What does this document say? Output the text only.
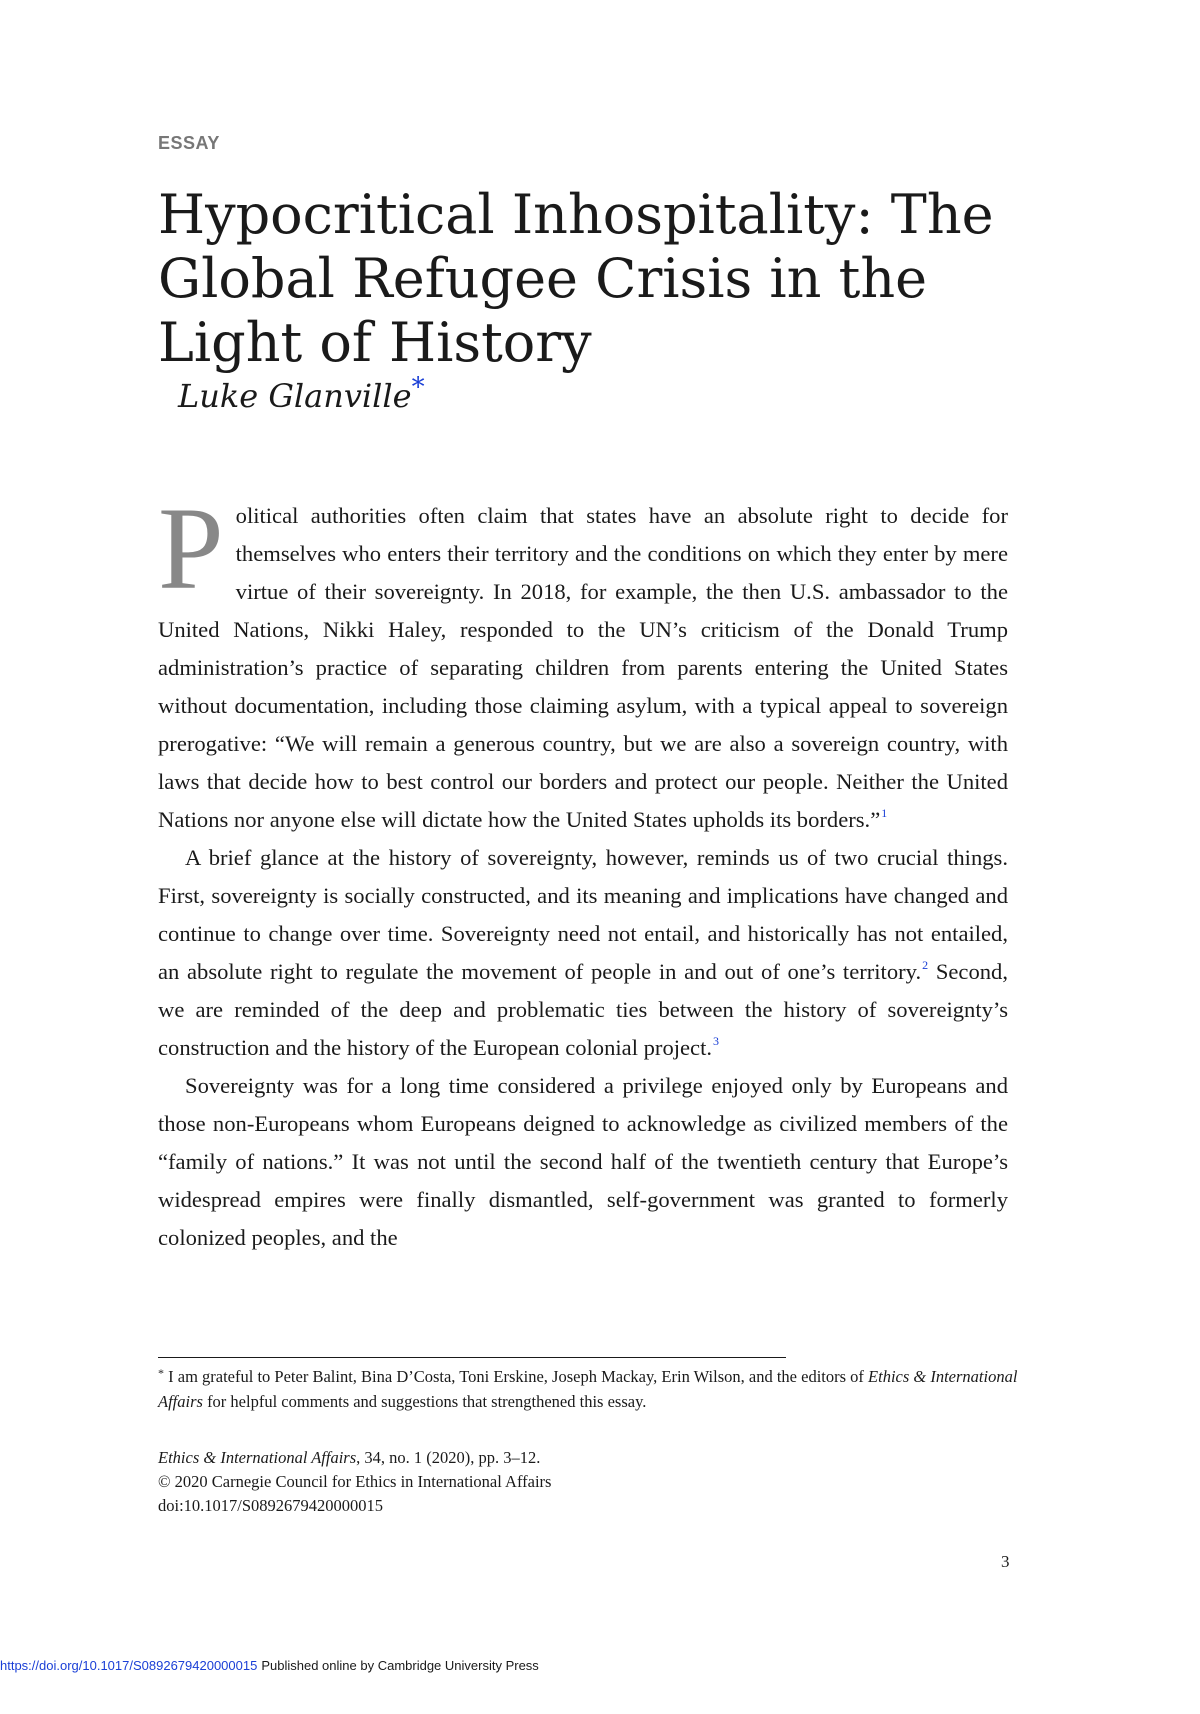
ESSAY
Hypocritical Inhospitality: The Global Refugee Crisis in the Light of History
Luke Glanville*

Political authorities often claim that states have an absolute right to decide for themselves who enters their territory and the conditions on which they enter by mere virtue of their sovereignty. In 2018, for example, the then U.S. ambassador to the United Nations, Nikki Haley, responded to the UN’s criticism of the Donald Trump administration’s practice of separating children from parents entering the United States without documentation, including those claiming asylum, with a typical appeal to sovereign prerogative: “We will remain a generous country, but we are also a sovereign country, with laws that decide how to best control our borders and protect our people. Neither the United Nations nor anyone else will dictate how the United States upholds its borders.”$^1$

A brief glance at the history of sovereignty, however, reminds us of two crucial things. First, sovereignty is socially constructed, and its meaning and implications have changed and continue to change over time. Sovereignty need not entail, and historically has not entailed, an absolute right to regulate the movement of people in and out of one’s territory.$^2$ Second, we are reminded of the deep and problematic ties between the history of sovereignty’s construction and the history of the European colonial project.$^3$

Sovereignty was for a long time considered a privilege enjoyed only by Europeans and those non-Europeans whom Europeans deigned to acknowledge as civilized members of the “family of nations.” It was not until the second half of the twentieth century that Europe’s widespread empires were finally dismantled, self-government was granted to formerly colonized peoples, and the

* I am grateful to Peter Balint, Bina D’Costa, Toni Erskine, Joseph Mackay, Erin Wilson, and the editors of Ethics & International Affairs for helpful comments and suggestions that strengthened this essay.
Ethics & International Affairs, 34, no. 1 (2020), pp. 3–12.
© 2020 Carnegie Council for Ethics in International Affairs
doi:10.1017/S0892679420000015
3
https://doi.org/10.1017/S0892679420000015 Published online by Cambridge University Press
